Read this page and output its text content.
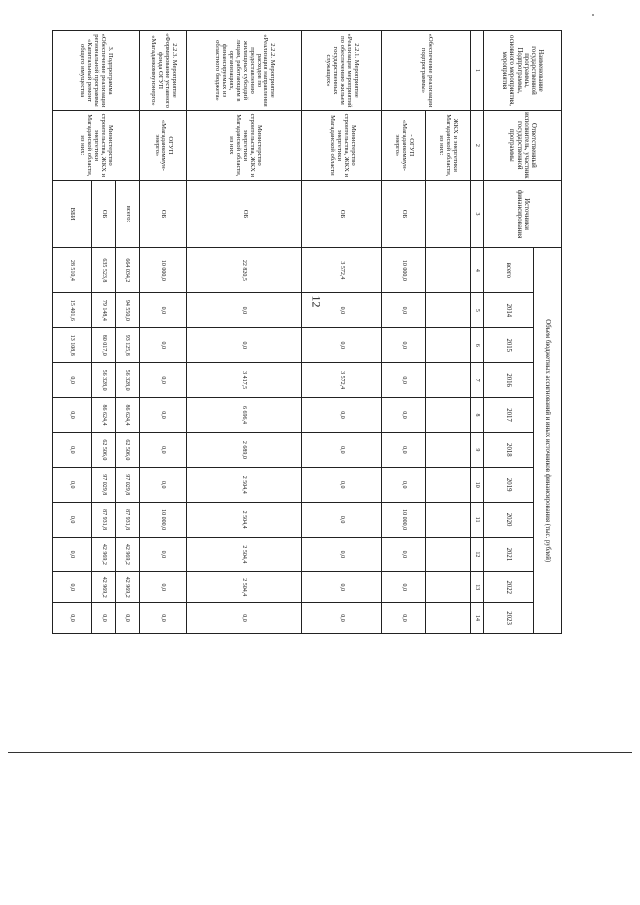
12
Наименование государственной программы, Подпрограммы, основного мероприятия, мероприятия	Ответственный исполнитель, участник государственной программы	Источники финансирования	Объем бюджетных ассигнований и иных источников финансирования (тыс. рублей)										
			всего	2014	2015	2016	2017	2018	2019	2020	2021	2022	2023
1	2	3	4	5	6	7	8	9	10	11	12	13	14
«Обеспечение реализации подпрограммы»	ЖКХ и энергетики Магаданской области, из них:												
	- ОГУП «Магаданкоммун-энерго»	ОБ	10 000,0	0,0	0,0	0,0	0,0	0,0	0,0	10 000,0	0,0	0,0	0,0
2.2.1. Мероприятие «Реализация мероприятий по обеспечению жильем государственных служащих»	Министерство строительства, ЖКХ и энергетики Магаданской области	ОБ	3 572,4	0,0	0,0	3 572,4	0,0	0,0	0,0	0,0	0,0	0,0	0,0
2.2.2. Мероприятие «Реализация направления расходов по предоставлению жилищных субсидий лицам, работающим в организациях, финансируемых из областного бюджета»	Министерство строительства, ЖКХ и энергетики Магаданской области, из них	ОБ	22 820,5	0,0	0,0	3 417,5	6 696,4	2 689,0	2 504,4	2 504,4	2 504,4	2 504,4	0,0
2.2.3. Мероприятие «Формирование уставного фонда ОГУП «Магаданкоммунэнерго»	ОГУП «Магаданкоммун-энерго»	ОБ	10 000,0	0,0	0,0	0,0	0,0	0,0	0,0	10 000,0	0,0	0,0	0,0
3. Подпрограмма «Обеспечение реализации региональной программы «Капитальный ремонт общего имущества	Министерство строительства, ЖКХ и энергетики Магаданской области, из них:	всего:	664 034,2	94 550,0	93 125,8	56 328,0	86 624,4	62 506,0	97 029,8	87 931,8	42 969,2	42 969,2	0,0
		ОБ	635 523,8	79 148,4	80 017,0	56 328,0	86 624,4	62 506,0	97 029,8	87 931,8	42 969,2	42 969,2	0,0
		ВБИ	28 510,4	15 401,6	13 108,8	0,0	0,0	0,0	0,0	0,0	0,0	0,0	0,0
